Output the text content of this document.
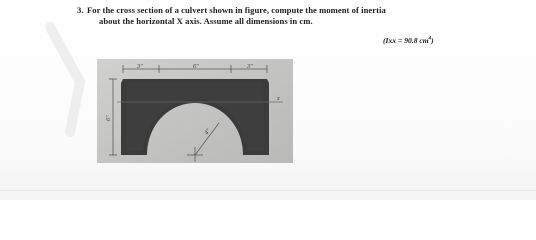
3. For the cross section of a culvert shown in figure, compute the moment of inertia
about the horizontal X axis. Assume all dimensions in cm.
(Ixx = 90.8 $cm^4$)
3"	6"	3"
6"
x
4"
